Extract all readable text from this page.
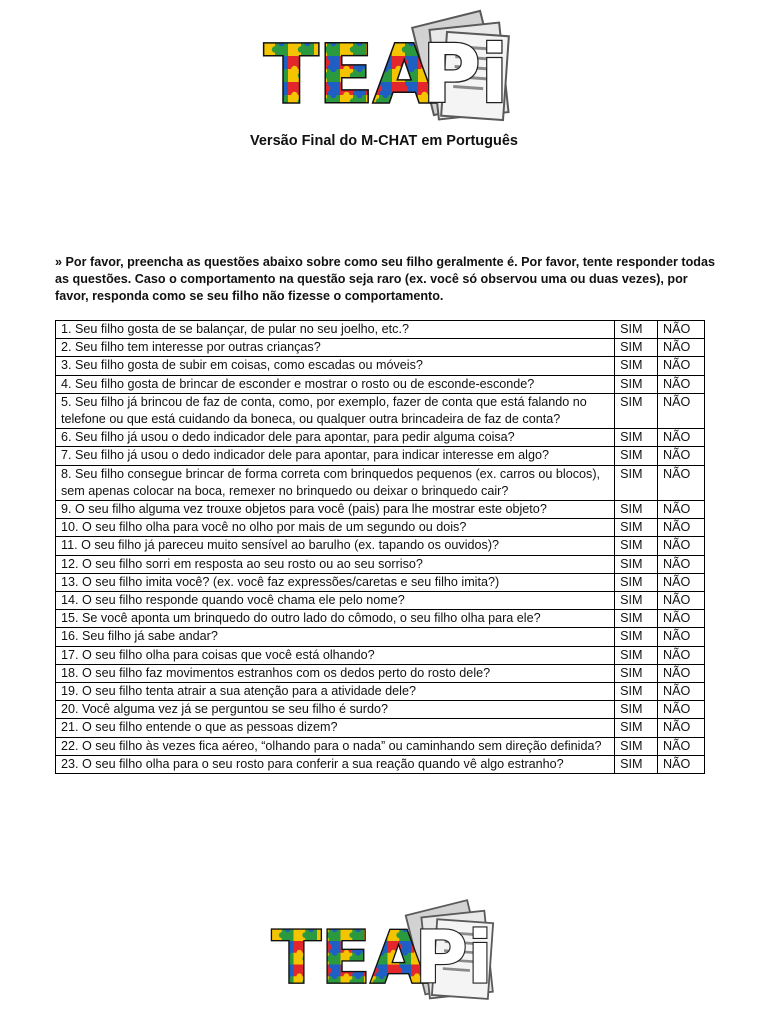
TEA
Pi
Versão Final do M-CHAT em Português
» Por favor, preencha as questões abaixo sobre como seu filho geralmente é. Por favor, tente responder todas as questões. Caso o comportamento na questão seja raro (ex. você só observou uma ou duas vezes), por favor, responda como se seu filho não fizesse o comportamento.
1. Seu filho gosta de se balançar, de pular no seu joelho, etc.?	SIM	NÃO
2. Seu filho tem interesse por outras crianças?	SIM	NÃO
3. Seu filho gosta de subir em coisas, como escadas ou móveis?	SIM	NÃO
4. Seu filho gosta de brincar de esconder e mostrar o rosto ou de esconde-esconde?	SIM	NÃO
5. Seu filho já brincou de faz de conta, como, por exemplo, fazer de conta que está falando no telefone ou que está cuidando da boneca, ou qualquer outra brincadeira de faz de conta?	SIM	NÃO
6. Seu filho já usou o dedo indicador dele para apontar, para pedir alguma coisa?	SIM	NÃO
7. Seu filho já usou o dedo indicador dele para apontar, para indicar interesse em algo?	SIM	NÃO
8. Seu filho consegue brincar de forma correta com brinquedos pequenos (ex. carros ou blocos), sem apenas colocar na boca, remexer no brinquedo ou deixar o brinquedo cair?	SIM	NÃO
9. O seu filho alguma vez trouxe objetos para você (pais) para lhe mostrar este objeto?	SIM	NÃO
10. O seu filho olha para você no olho por mais de um segundo ou dois?	SIM	NÃO
11. O seu filho já pareceu muito sensível ao barulho (ex. tapando os ouvidos)?	SIM	NÃO
12. O seu filho sorri em resposta ao seu rosto ou ao seu sorriso?	SIM	NÃO
13. O seu filho imita você? (ex. você faz expressões/caretas e seu filho imita?)	SIM	NÃO
14. O seu filho responde quando você chama ele pelo nome?	SIM	NÃO
15. Se você aponta um brinquedo do outro lado do cômodo, o seu filho olha para ele?	SIM	NÃO
16. Seu filho já sabe andar?	SIM	NÃO
17. O seu filho olha para coisas que você está olhando?	SIM	NÃO
18. O seu filho faz movimentos estranhos com os dedos perto do rosto dele?	SIM	NÃO
19. O seu filho tenta atrair a sua atenção para a atividade dele?	SIM	NÃO
20. Você alguma vez já se perguntou se seu filho é surdo?	SIM	NÃO
21. O seu filho entende o que as pessoas dizem?	SIM	NÃO
22. O seu filho às vezes fica aéreo, “olhando para o nada” ou caminhando sem direção definida?	SIM	NÃO
23. O seu filho olha para o seu rosto para conferir a sua reação quando vê algo estranho?	SIM	NÃO
TEA
Pi
